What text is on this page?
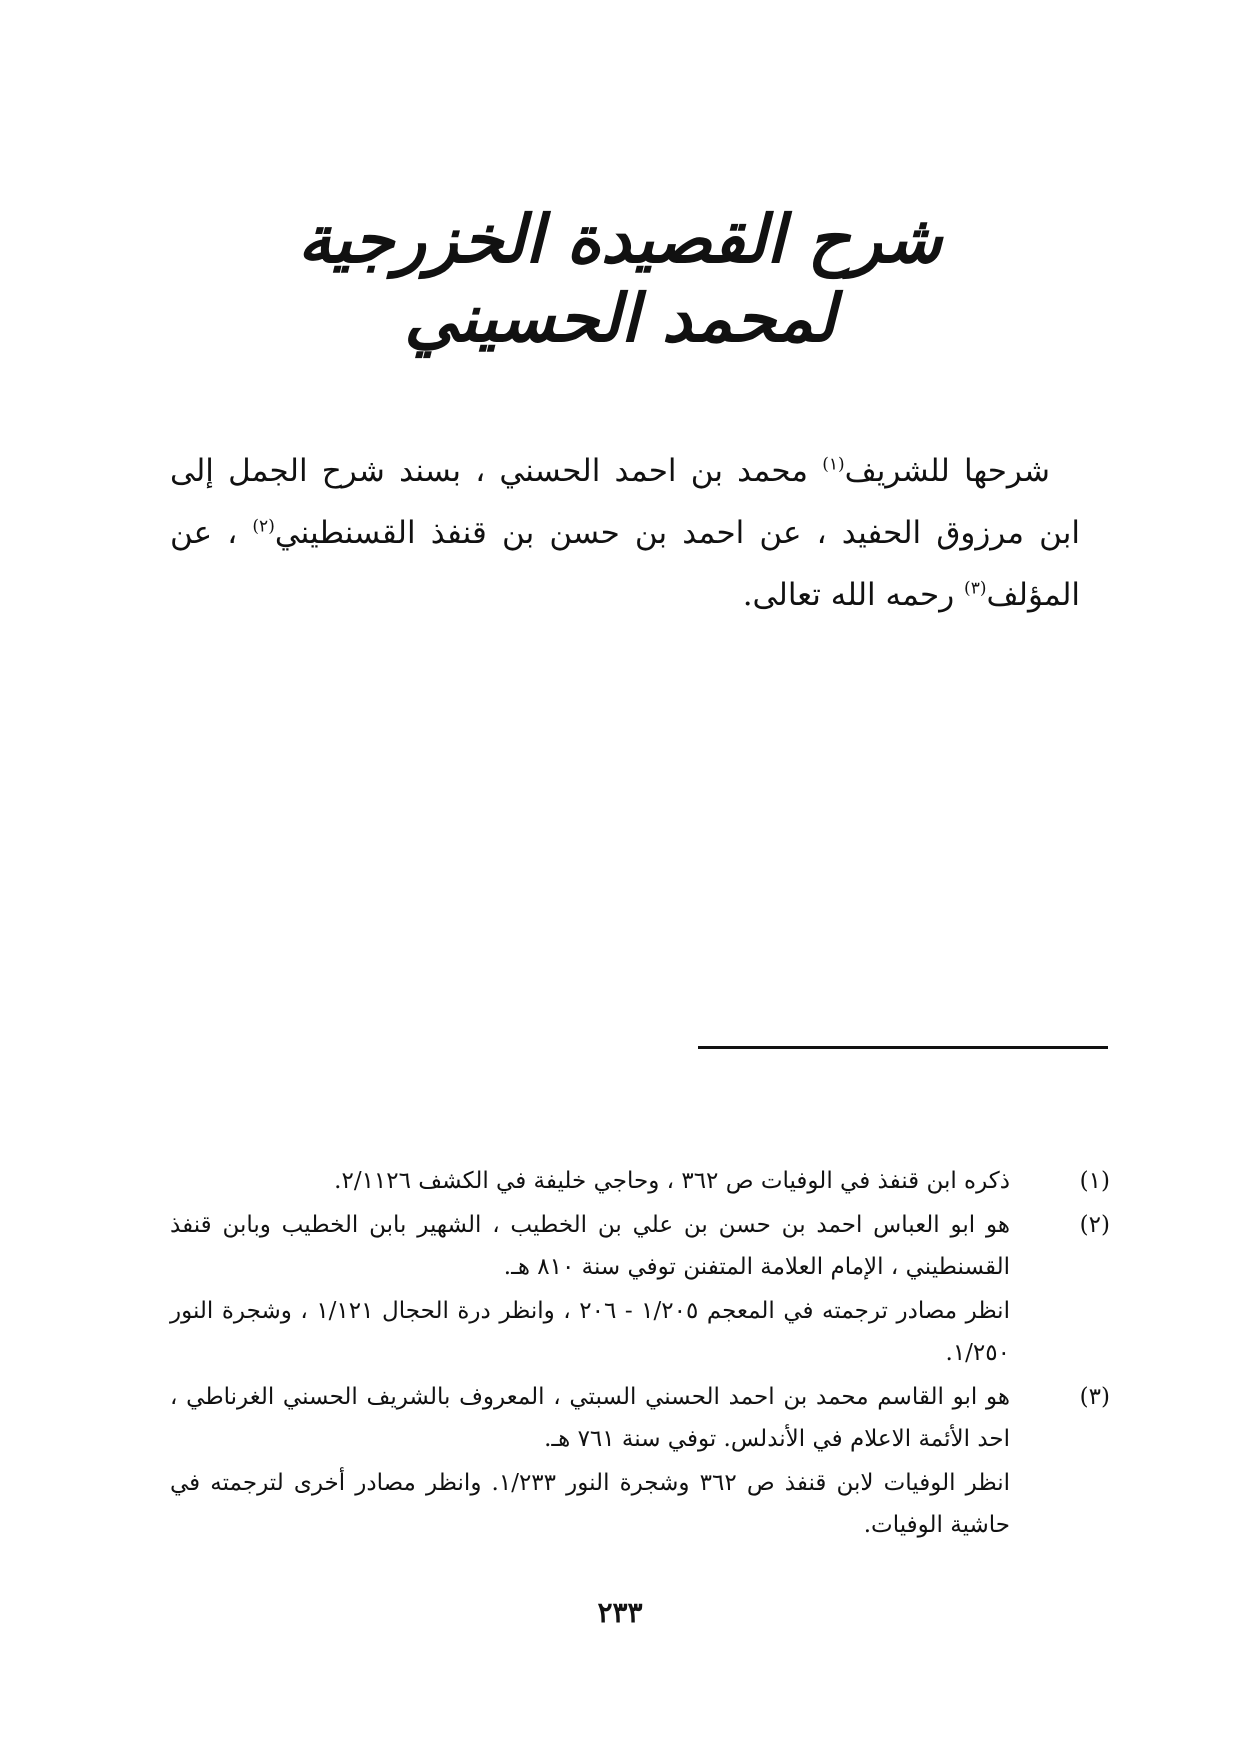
شرح القصيدة الخزرجية لمحمد الحسيني

شرحها للشريف$^{(١)}$ محمد بن احمد الحسني ، بسند شرح الجمل إلى ابن مرزوق الحفيد ، عن احمد بن حسن بن قنفذ القسنطيني$^{(٢)}$ ، عن المؤلف$^{(٣)}$ رحمه الله تعالى.

(١)

ذكره ابن قنفذ في الوفيات ص ٣٦٢ ، وحاجي خليفة في الكشف ٢/١١٢٦.

(٢)

هو ابو العباس احمد بن حسن بن علي بن الخطيب ، الشهير بابن الخطيب وبابن قنفذ القسنطيني ، الإمام العلامة المتفنن توفي سنة ٨١٠ هـ.

انظر مصادر ترجمته في المعجم ١/٢٠٥ - ٢٠٦ ، وانظر درة الحجال ١/١٢١ ، وشجرة النور ١/٢٥٠.

(٣)

هو ابو القاسم محمد بن احمد الحسني السبتي ، المعروف بالشريف الحسني الغرناطي ، احد الأئمة الاعلام في الأندلس. توفي سنة ٧٦١ هـ.

انظر الوفيات لابن قنفذ ص ٣٦٢ وشجرة النور ١/٢٣٣. وانظر مصادر أخرى لترجمته في حاشية الوفيات.

٢٣٣
